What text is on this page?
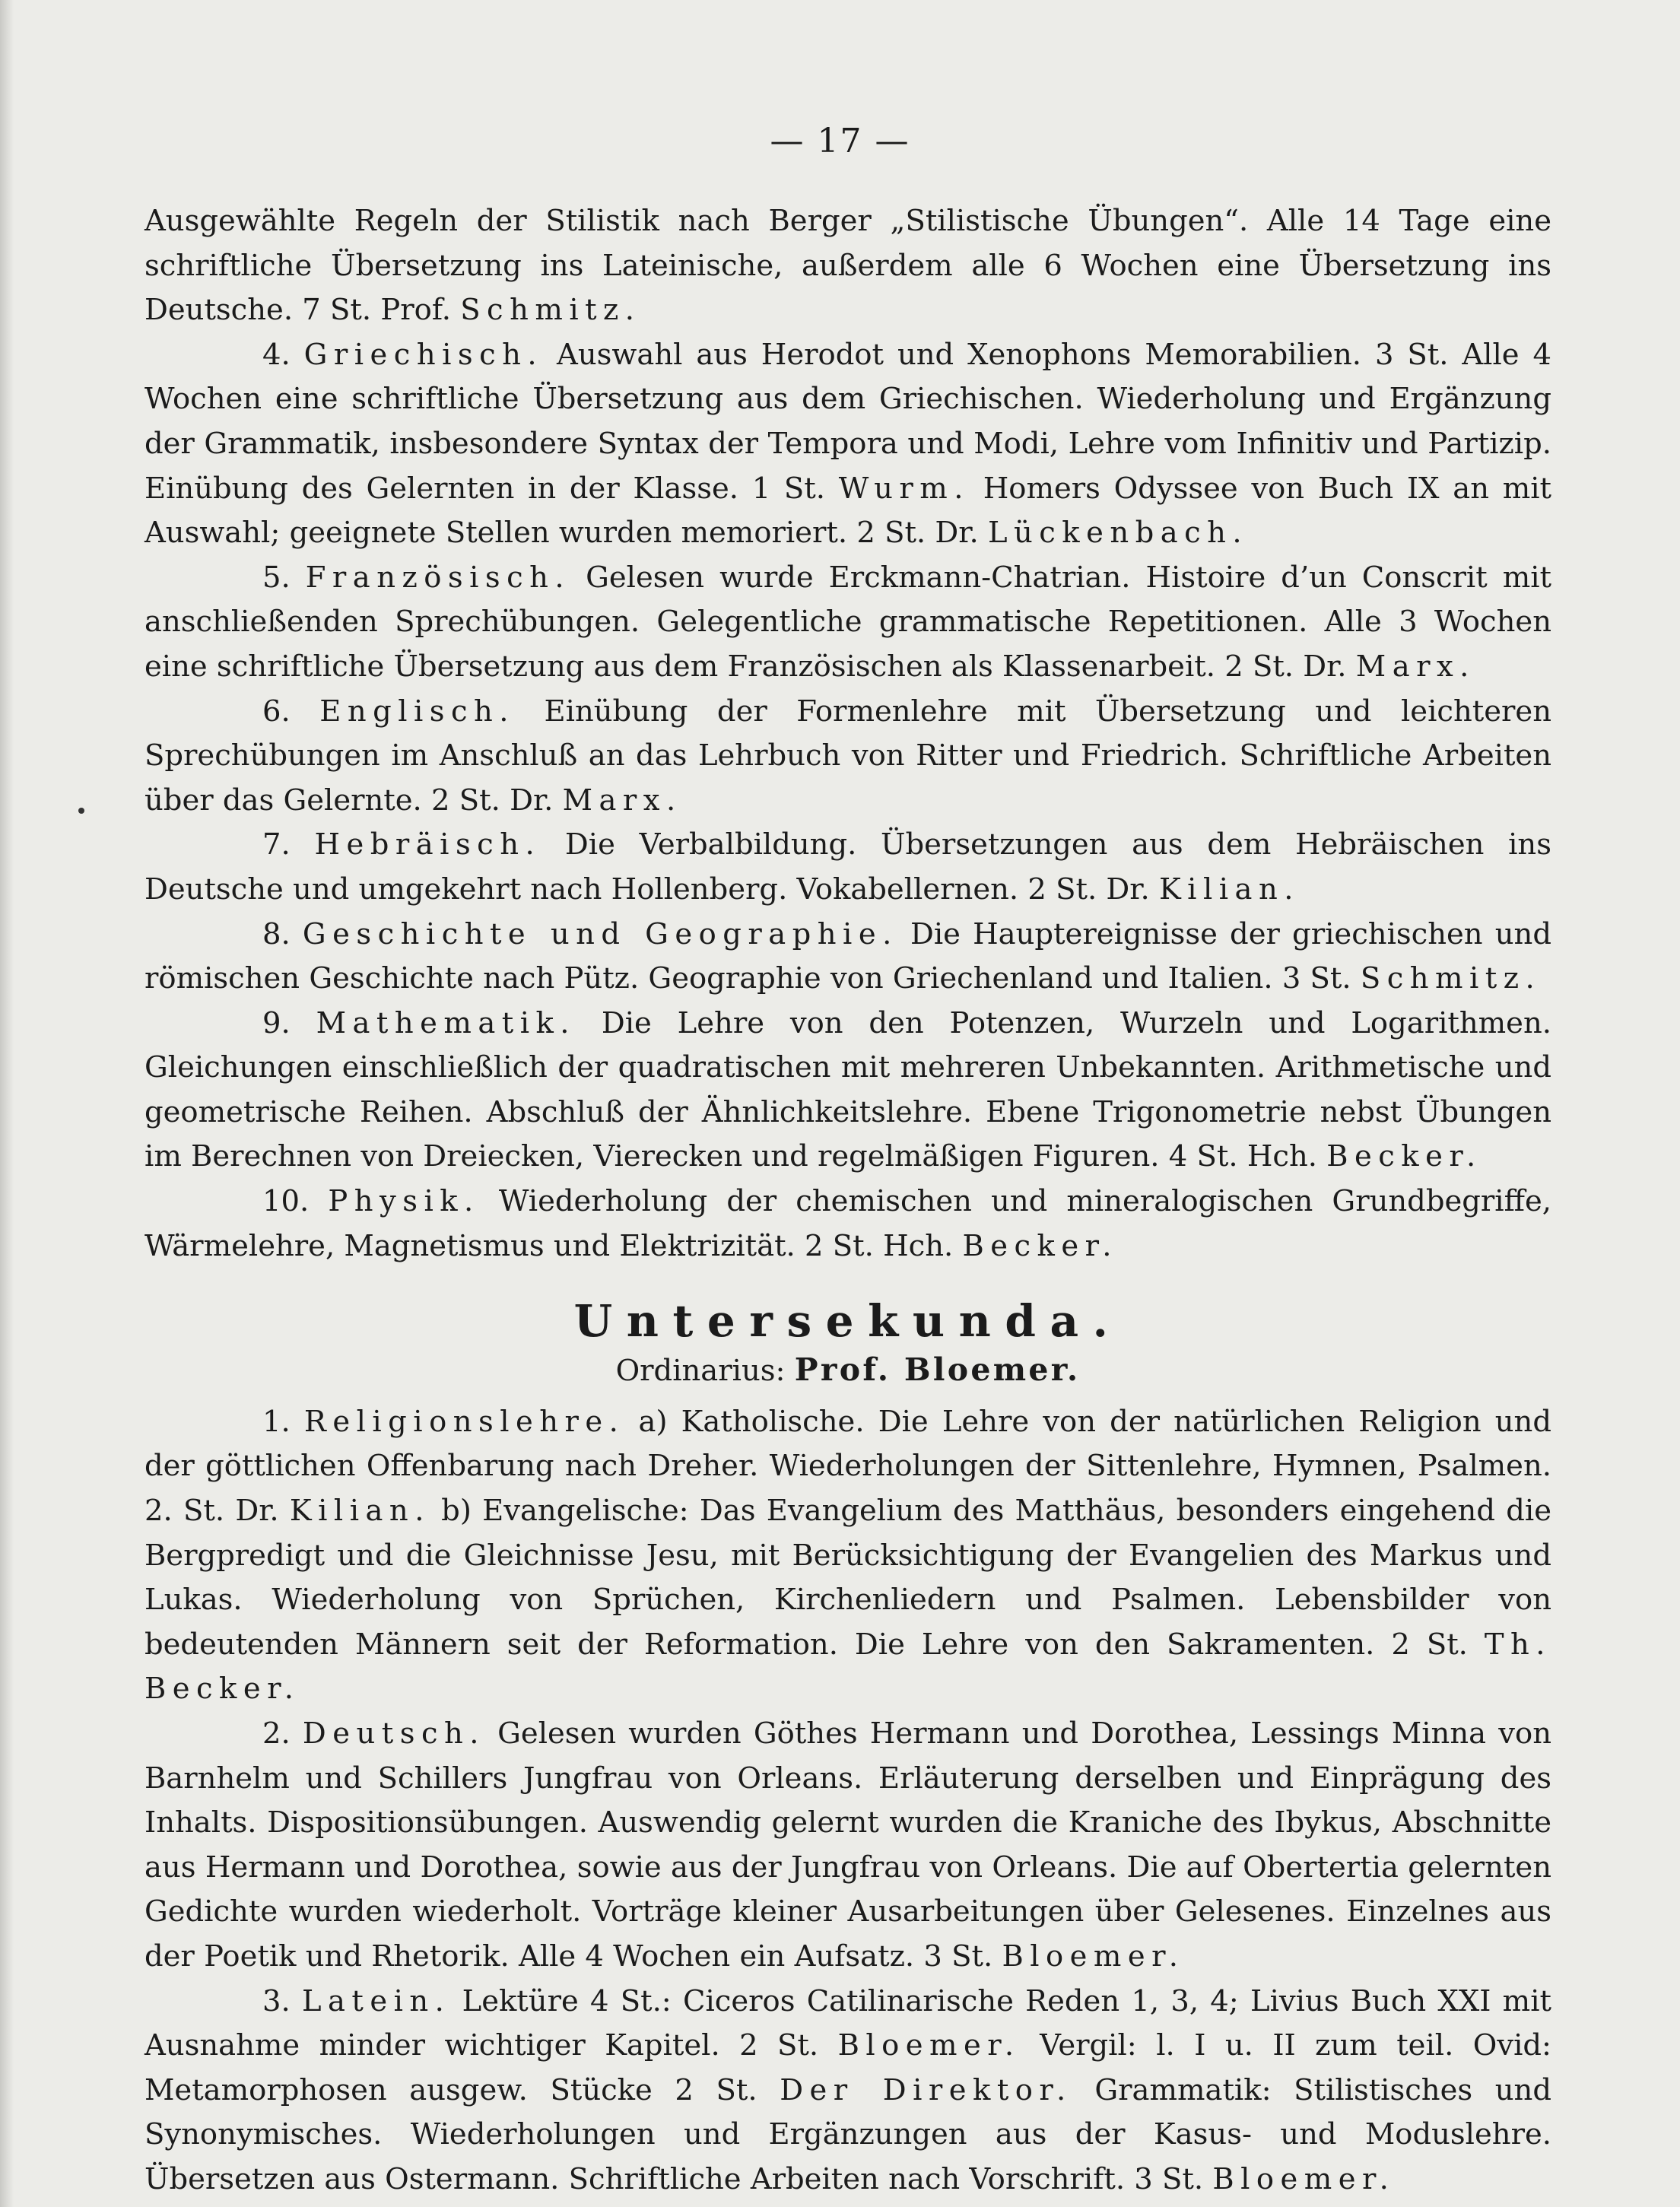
— 17 —

Ausgewählte Regeln der Stilistik nach Berger „Stilistische Übungen“. Alle 14 Tage eine schriftliche Übersetzung ins Lateinische, außerdem alle 6 Wochen eine Übersetzung ins Deutsche. 7 St. Prof. Schmitz.

4. Griechisch. Auswahl aus Herodot und Xenophons Memorabilien. 3 St. Alle 4 Wochen eine schriftliche Übersetzung aus dem Griechischen. Wiederholung und Ergänzung der Grammatik, insbesondere Syntax der Tempora und Modi, Lehre vom Infinitiv und Partizip. Einübung des Gelernten in der Klasse. 1 St. Wurm. Homers Odyssee von Buch IX an mit Auswahl; geeignete Stellen wurden memoriert. 2 St. Dr. Lückenbach.

5. Französisch. Gelesen wurde Erckmann-Chatrian. Histoire d’un Conscrit mit anschließenden Sprechübungen. Gelegentliche grammatische Repetitionen. Alle 3 Wochen eine schriftliche Übersetzung aus dem Französischen als Klassenarbeit. 2 St. Dr. Marx.

6. Englisch. Einübung der Formenlehre mit Übersetzung und leichteren Sprechübungen im Anschluß an das Lehrbuch von Ritter und Friedrich. Schriftliche Arbeiten über das Gelernte. 2 St. Dr. Marx.

7. Hebräisch. Die Verbalbildung. Übersetzungen aus dem Hebräischen ins Deutsche und umgekehrt nach Hollenberg. Vokabellernen. 2 St. Dr. Kilian.

8. Geschichte und Geographie. Die Hauptereignisse der griechischen und römischen Geschichte nach Pütz. Geographie von Griechenland und Italien. 3 St. Schmitz.

9. Mathematik. Die Lehre von den Potenzen, Wurzeln und Logarithmen. Gleichungen einschließlich der quadratischen mit mehreren Unbekannten. Arithmetische und geometrische Reihen. Abschluß der Ähnlichkeitslehre. Ebene Trigonometrie nebst Übungen im Berechnen von Dreiecken, Vierecken und regelmäßigen Figuren. 4 St. Hch. Becker.

10. Physik. Wiederholung der chemischen und mineralogischen Grundbegriffe, Wärmelehre, Magnetismus und Elektrizität. 2 St. Hch. Becker.

Untersekunda.
Ordinarius: Prof. Bloemer.

1. Religionslehre. a) Katholische. Die Lehre von der natürlichen Religion und der göttlichen Offenbarung nach Dreher. Wiederholungen der Sittenlehre, Hymnen, Psalmen. 2. St. Dr. Kilian. b) Evangelische: Das Evangelium des Matthäus, besonders eingehend die Bergpredigt und die Gleichnisse Jesu, mit Berücksichtigung der Evangelien des Markus und Lukas. Wiederholung von Sprüchen, Kirchenliedern und Psalmen. Lebensbilder von bedeutenden Männern seit der Reformation. Die Lehre von den Sakramenten. 2 St. Th. Becker.

2. Deutsch. Gelesen wurden Göthes Hermann und Dorothea, Lessings Minna von Barnhelm und Schillers Jungfrau von Orleans. Erläuterung derselben und Einprägung des Inhalts. Dispositionsübungen. Auswendig gelernt wurden die Kraniche des Ibykus, Abschnitte aus Hermann und Dorothea, sowie aus der Jungfrau von Orleans. Die auf Obertertia gelernten Gedichte wurden wiederholt. Vorträge kleiner Ausarbeitungen über Gelesenes. Einzelnes aus der Poetik und Rhetorik. Alle 4 Wochen ein Aufsatz. 3 St. Bloemer.

3. Latein. Lektüre 4 St.: Ciceros Catilinarische Reden 1, 3, 4; Livius Buch XXI mit Ausnahme minder wichtiger Kapitel. 2 St. Bloemer. Vergil: l. I u. II zum teil. Ovid: Metamorphosen ausgew. Stücke 2 St. Der Direktor. Grammatik: Stilistisches und Synonymisches. Wiederholungen und Ergänzungen aus der Kasus- und Moduslehre. Übersetzen aus Ostermann. Schriftliche Arbeiten nach Vorschrift. 3 St. Bloemer.
